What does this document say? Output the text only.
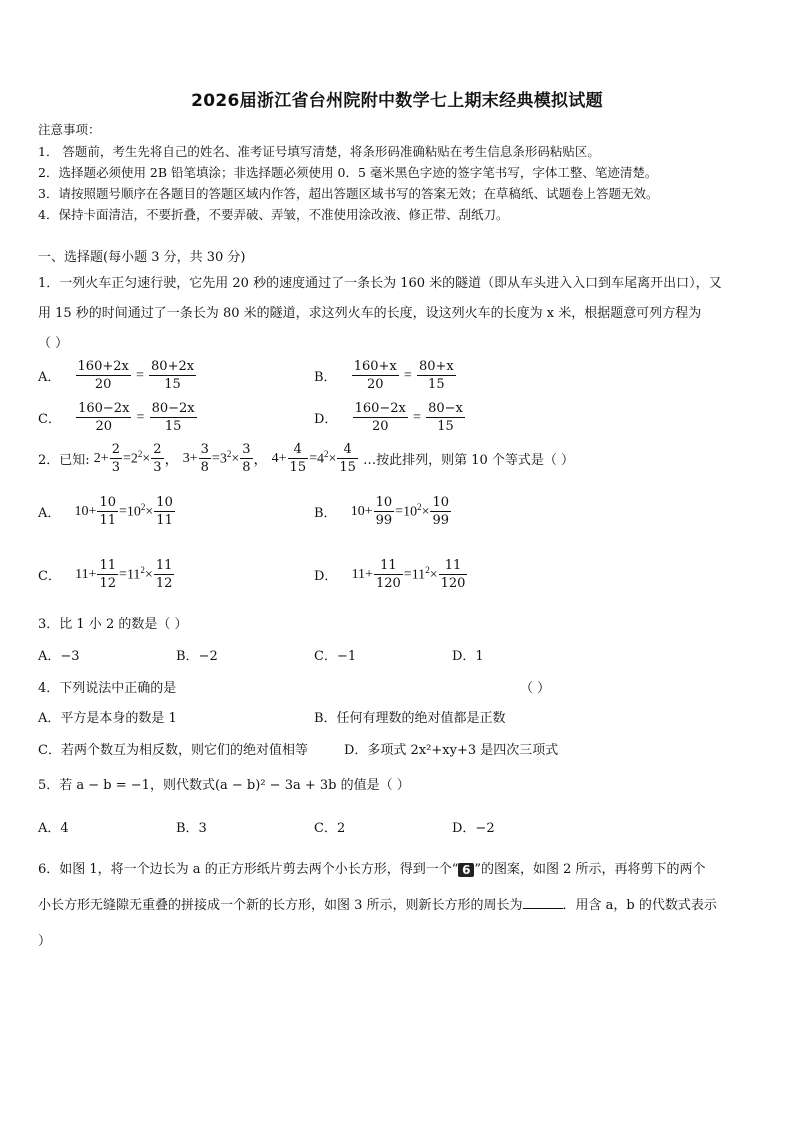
2026届浙江省台州院附中数学七上期末经典模拟试题
注意事项：
1． 答题前，考生先将自己的姓名、准考证号填写清楚，将条形码准确粘贴在考生信息条形码粘贴区。
2．选择题必须使用 2B 铅笔填涂；非选择题必须使用 0．5 毫米黑色字迹的签字笔书写，字体工整、笔迹清楚。
3．请按照题号顺序在各题目的答题区域内作答，超出答题区域书写的答案无效；在草稿纸、试题卷上答题无效。
4．保持卡面清洁，不要折叠，不要弄破、弄皱，不准使用涂改液、修正带、刮纸刀。
一、选择题(每小题 3 分，共 30 分)
1．一列火车正匀速行驶，它先用 20 秒的速度通过了一条长为 160 米的隧道（即从车头进入入口到车尾离开出口），又
用 15 秒的时间通过了一条长为 80 米的隧道，求这列火车的长度，设这列火车的长度为 x 米，根据题意可列方程为
（ ）
A． $\frac{160+2x}{20} = \frac{80+2x}{15}$	B． $\frac{160+x}{20} = \frac{80+x}{15}$
C． $\frac{160-2x}{20} = \frac{80-2x}{15}$	D． $\frac{160-2x}{20} = \frac{80-x}{15}$
2．已知: $2+ \frac{2}{3} =2^2\times \frac{2}{3}$ ， $3+ \frac{3}{8} =3^2\times \frac{3}{8}$ ， $4+ \frac{4}{15} =4^2\times \frac{4}{15}$ …按此排列，则第 10 个等式是（ ）
A． $10+ \frac{10}{11} =10^2\times \frac{10}{11}$	B． $10+ \frac{10}{99} =10^2\times \frac{10}{99}$
C． $11+ \frac{11}{12} =11^2\times \frac{11}{12}$	D． $11+ \frac{11}{120} =11^2\times \frac{11}{120}$
3．比 1 小 2 的数是（ ）
A．−3	B．−2	C．−1	D．1
4．下列说法中正确的是	（ ）
A．平方是本身的数是 1	B．任何有理数的绝对值都是正数
C．若两个数互为相反数，则它们的绝对值相等	D．多项式 2x²+xy+3 是四次三项式
5．若 a − b = −1，则代数式(a − b)² − 3a + 3b 的值是（ ）
A．4	B．3	C．2	D．−2
6．如图 1，将一个边长为 a 的正方形纸片剪去两个小长方形，得到一个“ 6 ”的图案，如图 2 所示，再将剪下的两个
小长方形无缝隙无重叠的拼接成一个新的长方形，如图 3 所示，则新长方形的周长为	．用含 a，b 的代数式表示
）
